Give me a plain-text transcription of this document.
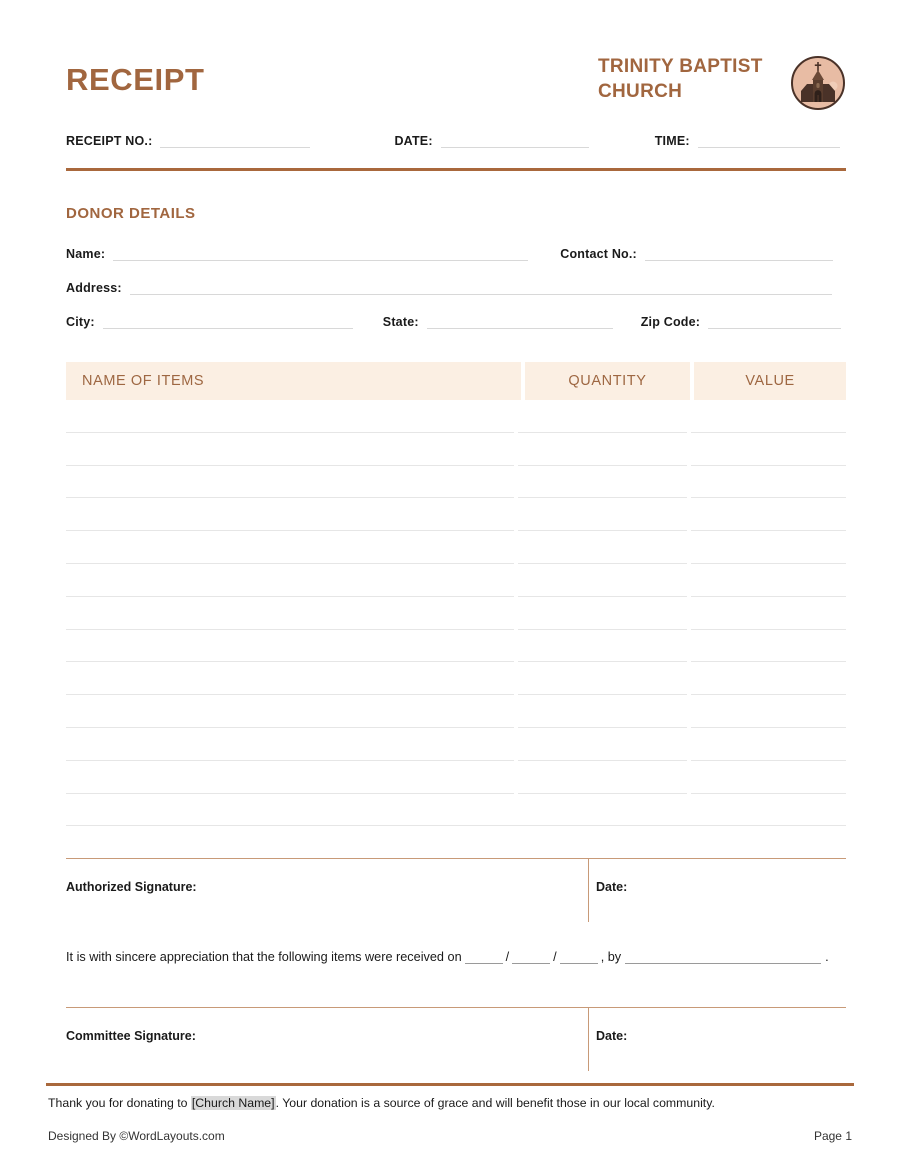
RECEIPT	TRINITY BAPTIST
CHURCH
RECEIPT NO.:	DATE:	TIME:
DONOR DETAILS
Name:	Contact No.:
Address:
City:	State:	Zip Code:
NAME OF ITEMS	QUANTITY	VALUE
Authorized Signature:	Date:
It is with sincere appreciation that the following items were received on	/	/	, by	.
Committee Signature:	Date:
Thank you for donating to [Church Name]. Your donation is a source of grace and will benefit those in our local community.
Designed By ©WordLayouts.com	Page 1
